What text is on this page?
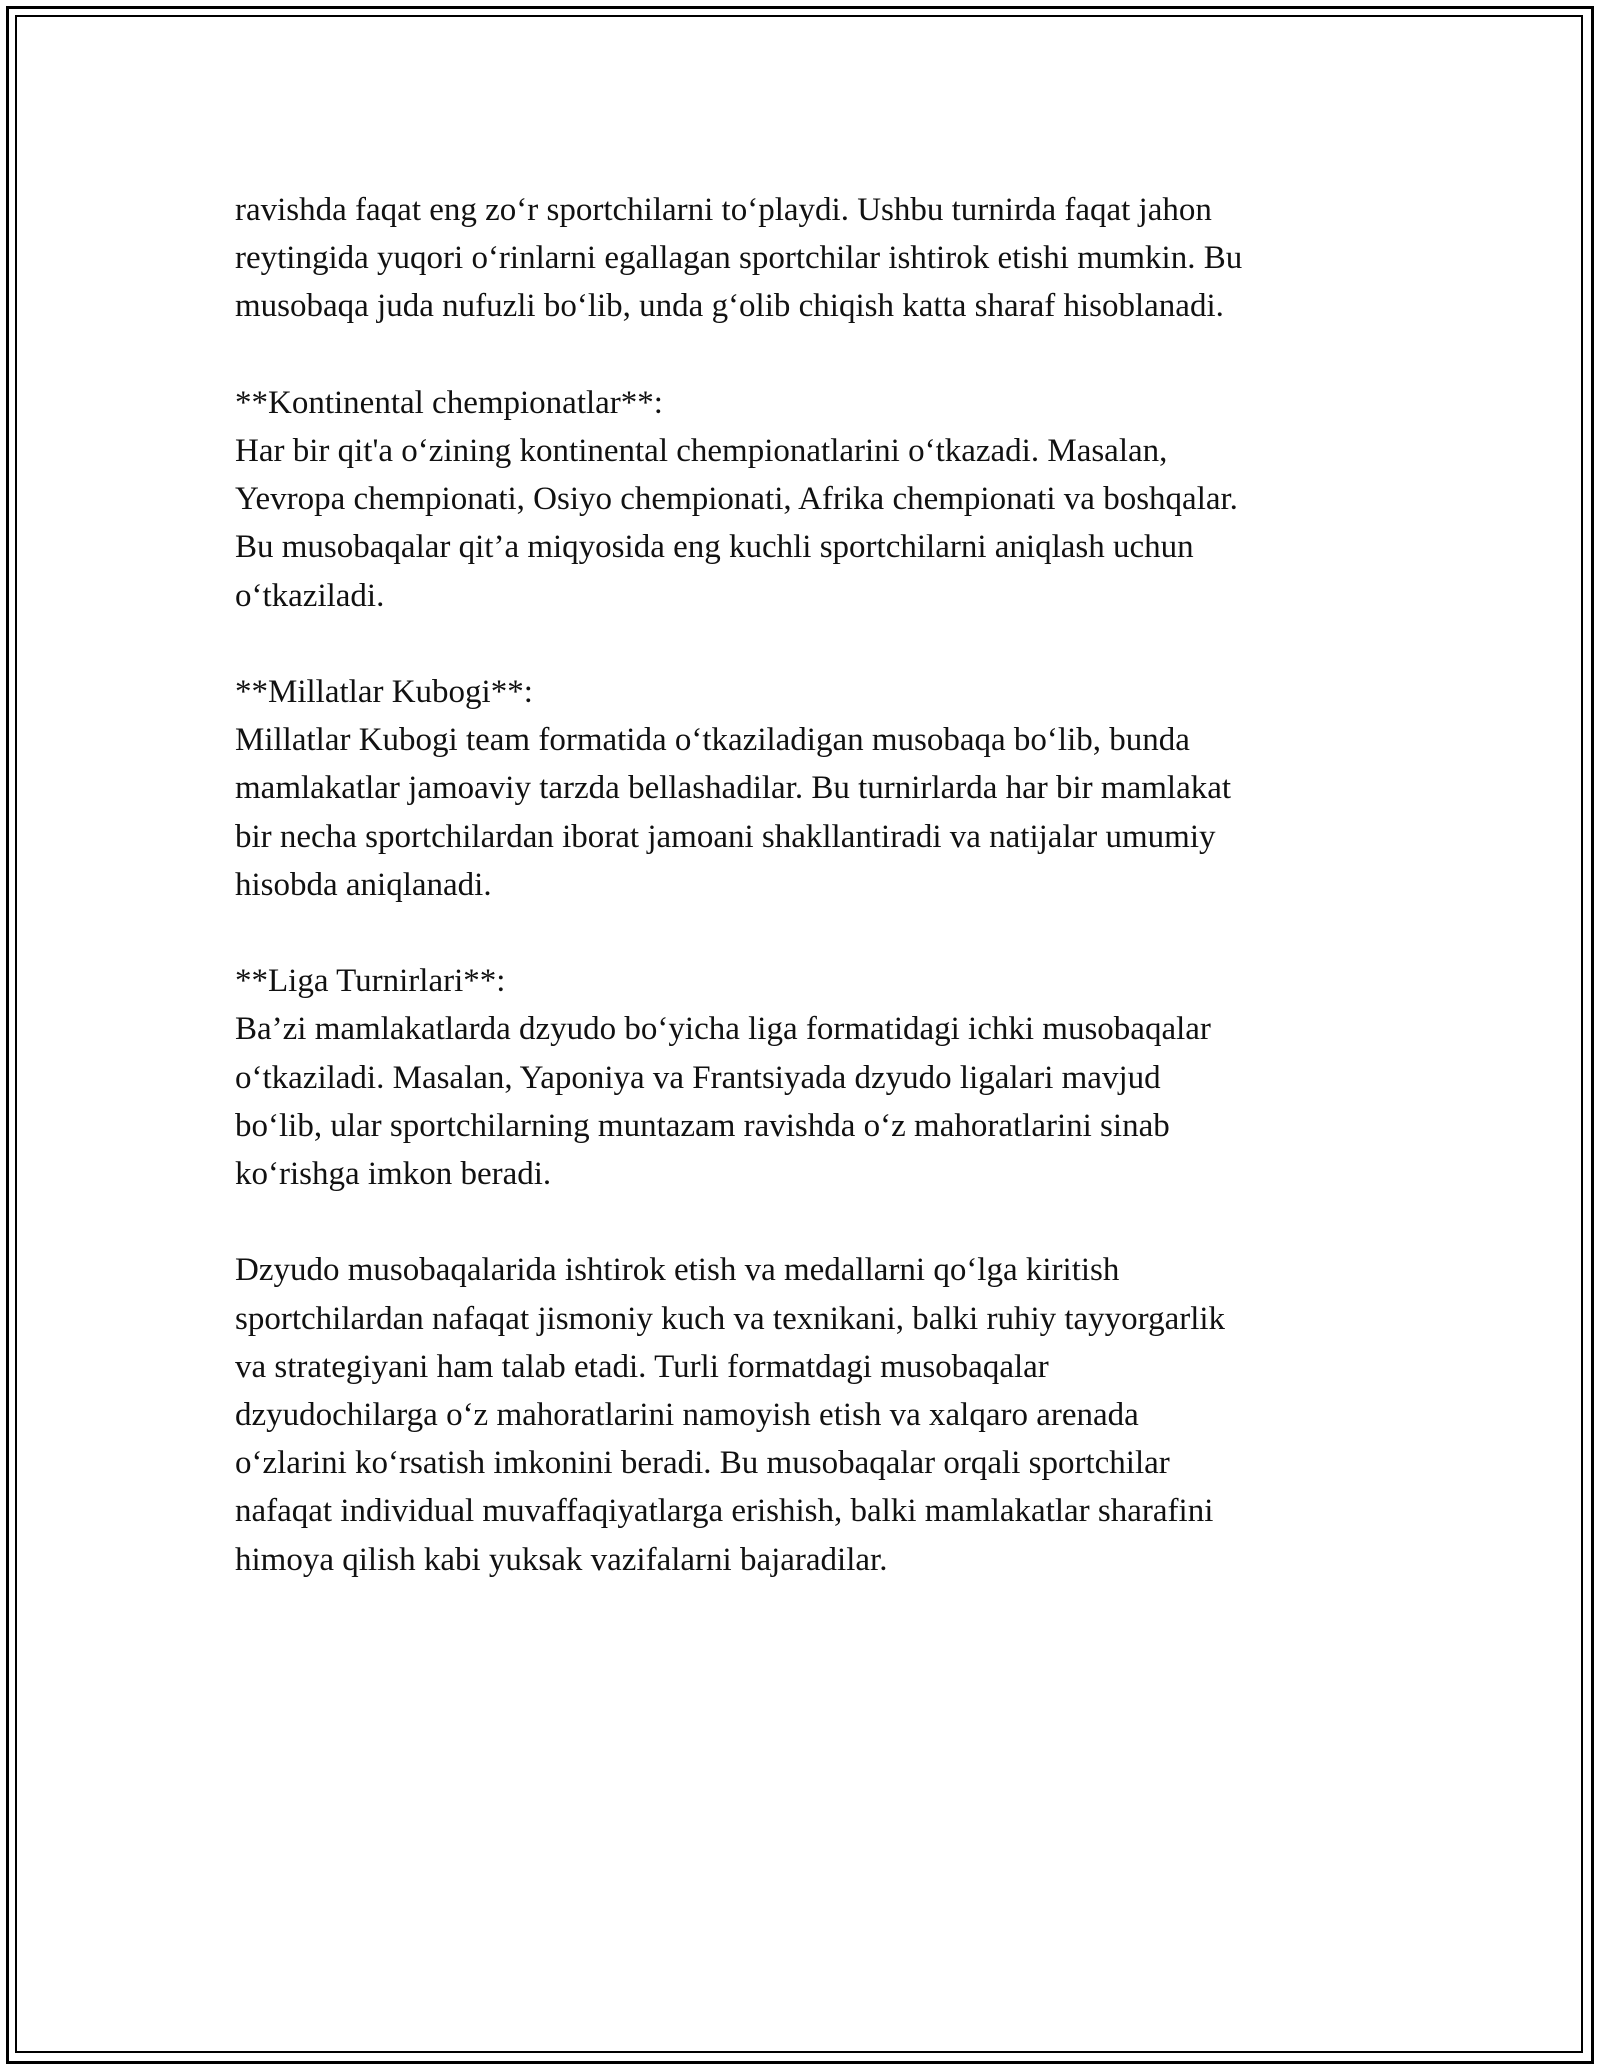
ravishda faqat eng zoʻr sportchilarni toʻplaydi. Ushbu turnirda faqat jahon
reytingida yuqori oʻrinlarni egallagan sportchilar ishtirok etishi mumkin. Bu
musobaqa juda nufuzli boʻlib, unda gʻolib chiqish katta sharaf hisoblanadi.

**Kontinental chempionatlar**:
Har bir qit'a oʻzining kontinental chempionatlarini oʻtkazadi. Masalan,
Yevropa chempionati, Osiyo chempionati, Afrika chempionati va boshqalar.
Bu musobaqalar qit’a miqyosida eng kuchli sportchilarni aniqlash uchun
oʻtkaziladi.

**Millatlar Kubogi**:
Millatlar Kubogi team formatida oʻtkaziladigan musobaqa boʻlib, bunda
mamlakatlar jamoaviy tarzda bellashadilar. Bu turnirlarda har bir mamlakat
bir necha sportchilardan iborat jamoani shakllantiradi va natijalar umumiy
hisobda aniqlanadi.

**Liga Turnirlari**:
Ba’zi mamlakatlarda dzyudo boʻyicha liga formatidagi ichki musobaqalar
oʻtkaziladi. Masalan, Yaponiya va Frantsiyada dzyudo ligalari mavjud
boʻlib, ular sportchilarning muntazam ravishda oʻz mahoratlarini sinab
koʻrishga imkon beradi.

Dzyudo musobaqalarida ishtirok etish va medallarni qoʻlga kiritish
sportchilardan nafaqat jismoniy kuch va texnikani, balki ruhiy tayyorgarlik
va strategiyani ham talab etadi. Turli formatdagi musobaqalar
dzyudochilarga oʻz mahoratlarini namoyish etish va xalqaro arenada
oʻzlarini koʻrsatish imkonini beradi. Bu musobaqalar orqali sportchilar
nafaqat individual muvaffaqiyatlarga erishish, balki mamlakatlar sharafini
himoya qilish kabi yuksak vazifalarni bajaradilar.
